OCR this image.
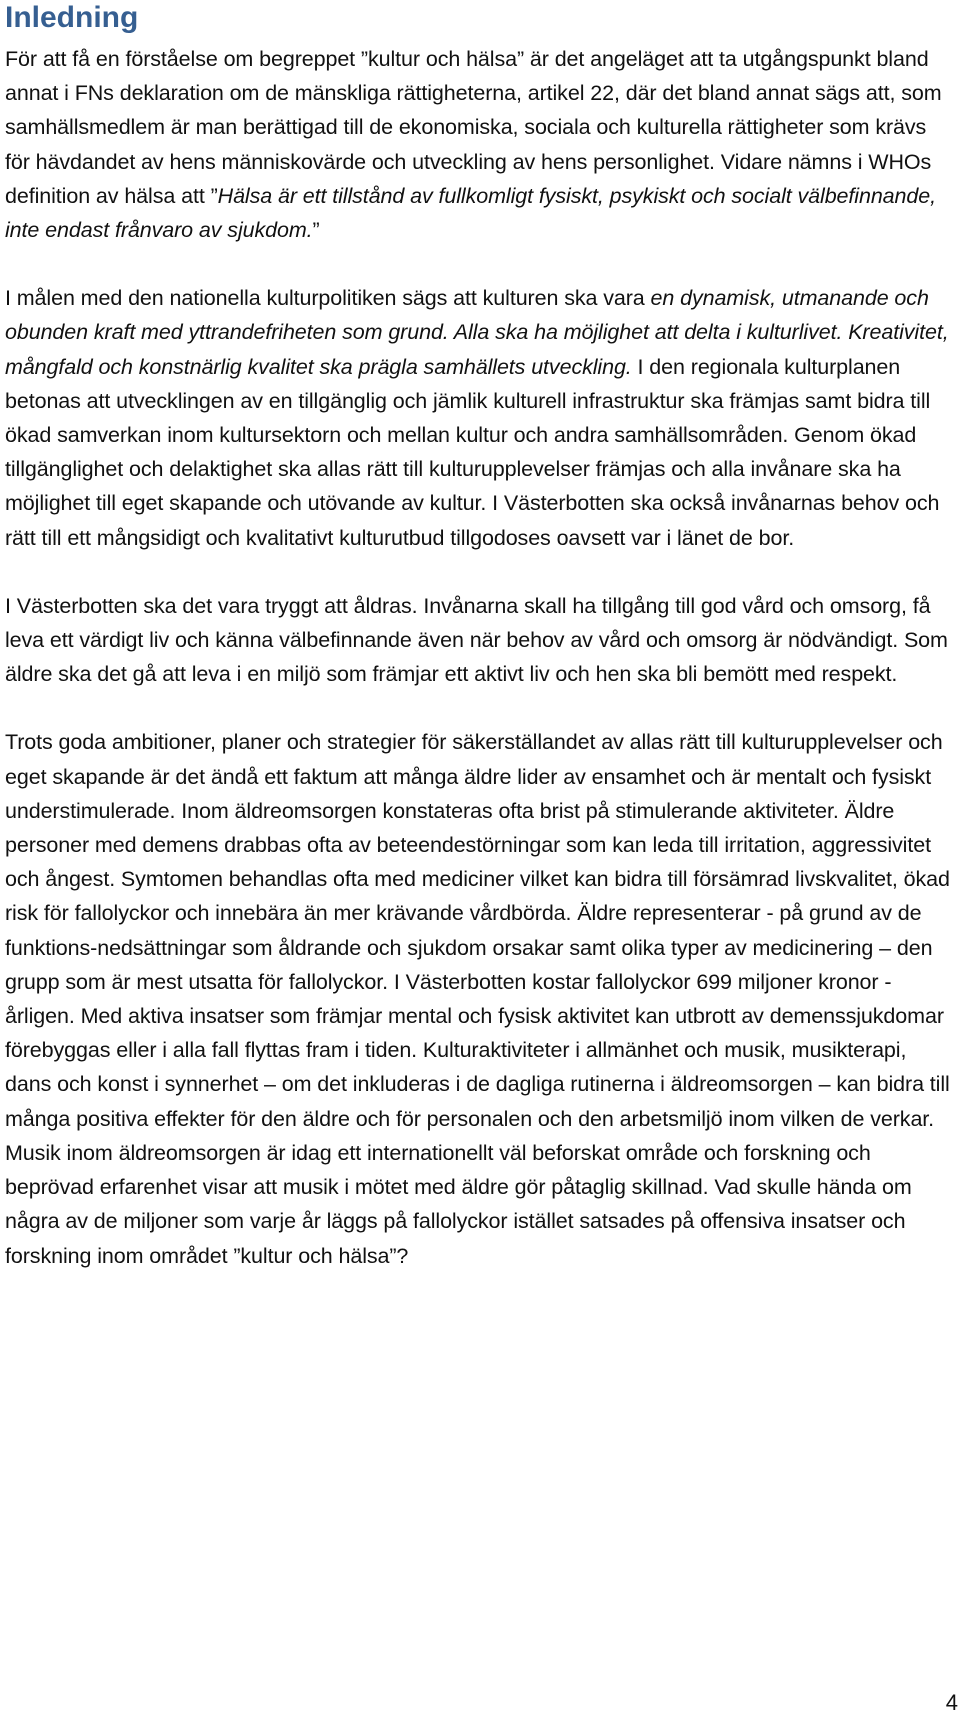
Inledning

För att få en förståelse om begreppet ”kultur och hälsa” är det angeläget att ta utgångspunkt bland annat i FNs deklaration om de mänskliga rättigheterna, artikel 22, där det bland annat sägs att, som samhällsmedlem är man berättigad till de ekonomiska, sociala och kulturella rättigheter som krävs för hävdandet av hens människovärde och utveckling av hens personlighet. Vidare nämns i WHOs definition av hälsa att ”Hälsa är ett tillstånd av fullkomligt fysiskt, psykiskt och socialt välbefinnande, inte endast frånvaro av sjukdom.”

I målen med den nationella kulturpolitiken sägs att kulturen ska vara en dynamisk, utmanande och obunden kraft med yttrandefriheten som grund. Alla ska ha möjlighet att delta i kulturlivet. Kreativitet, mångfald och konstnärlig kvalitet ska prägla samhällets utveckling. I den regionala kulturplanen betonas att utvecklingen av en tillgänglig och jämlik kulturell infrastruktur ska främjas samt bidra till ökad samverkan inom kultursektorn och mellan kultur och andra samhällsområden. Genom ökad tillgänglighet och delaktighet ska allas rätt till kulturupplevelser främjas och alla invånare ska ha möjlighet till eget skapande och utövande av kultur. I Västerbotten ska också invånarnas behov och rätt till ett mångsidigt och kvalitativt kulturutbud tillgodoses oavsett var i länet de bor.

I Västerbotten ska det vara tryggt att åldras. Invånarna skall ha tillgång till god vård och omsorg, få leva ett värdigt liv och känna välbefinnande även när behov av vård och omsorg är nödvändigt. Som äldre ska det gå att leva i en miljö som främjar ett aktivt liv och hen ska bli bemött med respekt.

Trots goda ambitioner, planer och strategier för säkerställandet av allas rätt till kulturupplevelser och eget skapande är det ändå ett faktum att många äldre lider av ensamhet och är mentalt och fysiskt understimulerade. Inom äldreomsorgen konstateras ofta brist på stimulerande aktiviteter. Äldre personer med demens drabbas ofta av beteendestörningar som kan leda till irritation, aggressivitet och ångest. Symtomen behandlas ofta med mediciner vilket kan bidra till försämrad livskvalitet, ökad risk för fallolyckor och innebära än mer krävande vårdbörda. Äldre representerar - på grund av de funktions-nedsättningar som åldrande och sjukdom orsakar samt olika typer av medicinering – den grupp som är mest utsatta för fallolyckor. I Västerbotten kostar fallolyckor 699 miljoner kronor - årligen. Med aktiva insatser som främjar mental och fysisk aktivitet kan utbrott av demenssjukdomar förebyggas eller i alla fall flyttas fram i tiden. Kulturaktiviteter i allmänhet och musik, musikterapi, dans och konst i synnerhet – om det inkluderas i de dagliga rutinerna i äldreomsorgen – kan bidra till många positiva effekter för den äldre och för personalen och den arbetsmiljö inom vilken de verkar. Musik inom äldreomsorgen är idag ett internationellt väl beforskat område och forskning och beprövad erfarenhet visar att musik i mötet med äldre gör påtaglig skillnad. Vad skulle hända om några av de miljoner som varje år läggs på fallolyckor istället satsades på offensiva insatser och forskning inom området ”kultur och hälsa”?

4
